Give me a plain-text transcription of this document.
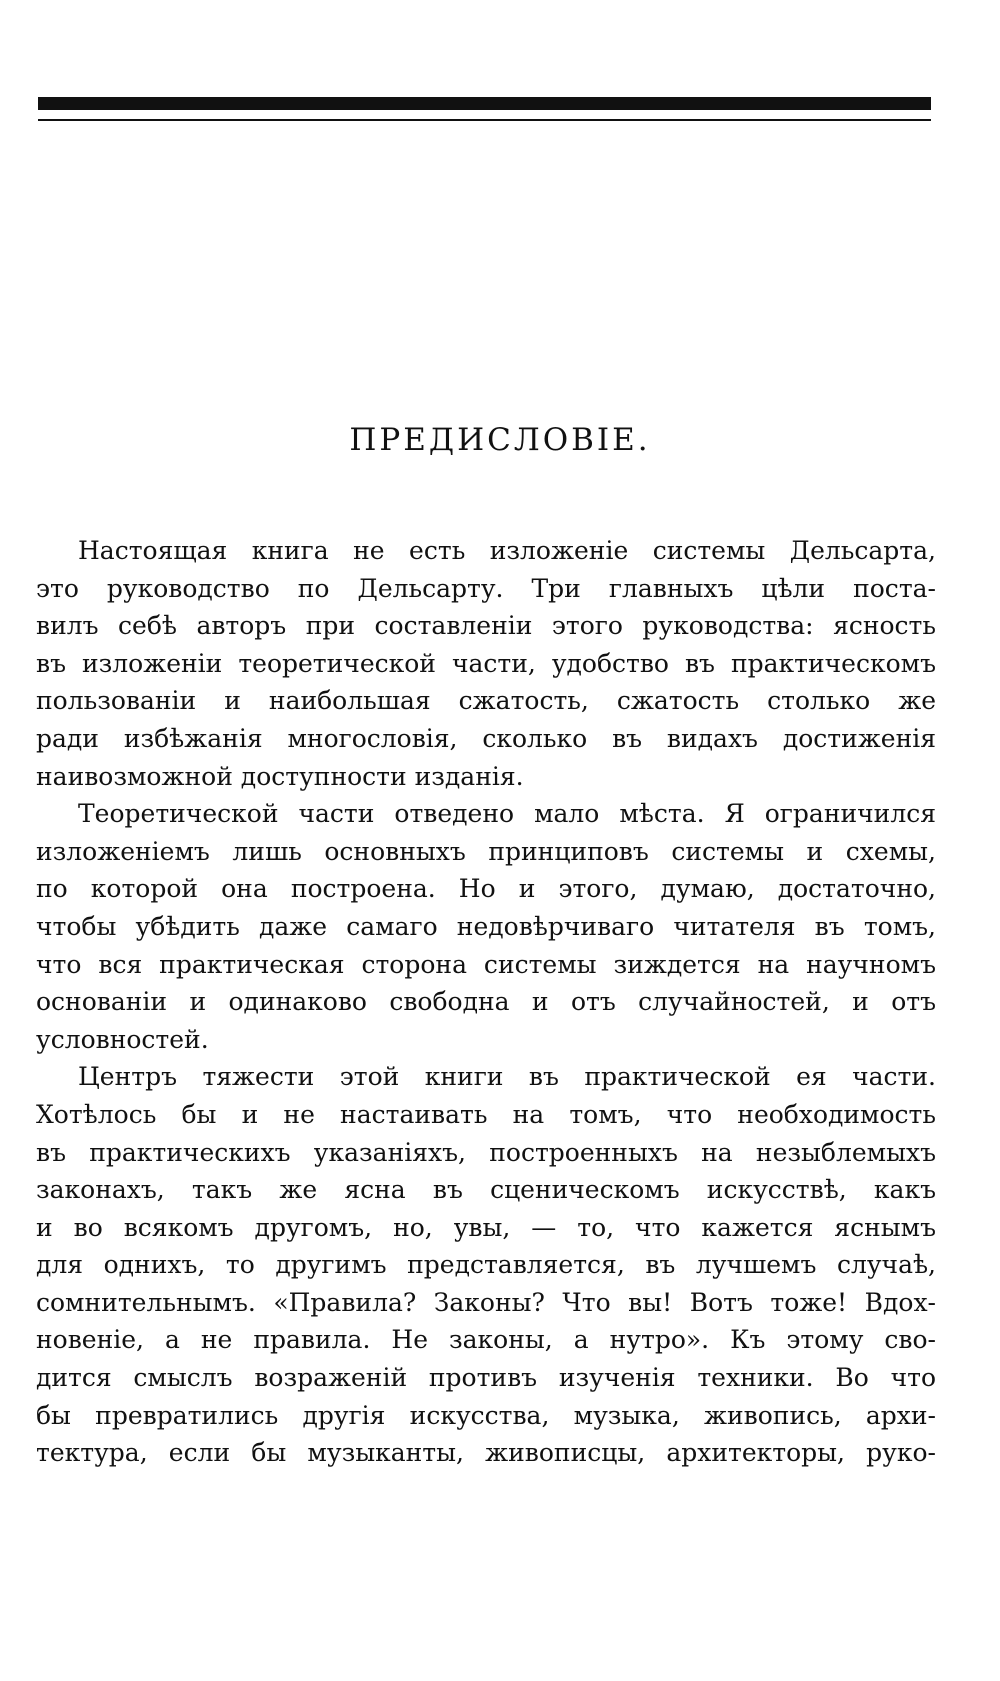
ПРЕДИСЛОВІЕ.
Настоящая книга не есть изложеніе системы Дельсарта,
это руководство по Дельсарту. Три главныхъ цѣли поста-
вилъ себѣ авторъ при составленіи этого руководства: ясность
въ изложеніи теоретической части, удобство въ практическомъ
пользованіи и наибольшая сжатость, сжатость столько же
ради избѣжанія многословія, сколько въ видахъ достиженія
наивозможной доступности изданія.
Теоретической части отведено мало мѣста. Я ограничился
изложеніемъ лишь основныхъ принциповъ системы и схемы,
по которой она построена. Но и этого, думаю, достаточно,
чтобы убѣдить даже самаго недовѣрчиваго читателя въ томъ,
что вся практическая сторона системы зиждется на научномъ
основаніи и одинаково свободна и отъ случайностей, и отъ
условностей.
Центръ тяжести этой книги въ практической ея части.
Хотѣлось бы и не настаивать на томъ, что необходимость
въ практическихъ указаніяхъ, построенныхъ на незыблемыхъ
законахъ, такъ же ясна въ сценическомъ искусствѣ, какъ
и во всякомъ другомъ, но, увы, — то, что кажется яснымъ
для однихъ, то другимъ представляется, въ лучшемъ случаѣ,
сомнительнымъ. «Правила? Законы? Что вы! Вотъ тоже! Вдох-
новеніе, а не правила. Не законы, а нутро». Къ этому сво-
дится смыслъ возраженій противъ изученія техники. Во что
бы превратились другія искусства, музыка, живопись, архи-
тектура, если бы музыканты, живописцы, архитекторы, руко-
